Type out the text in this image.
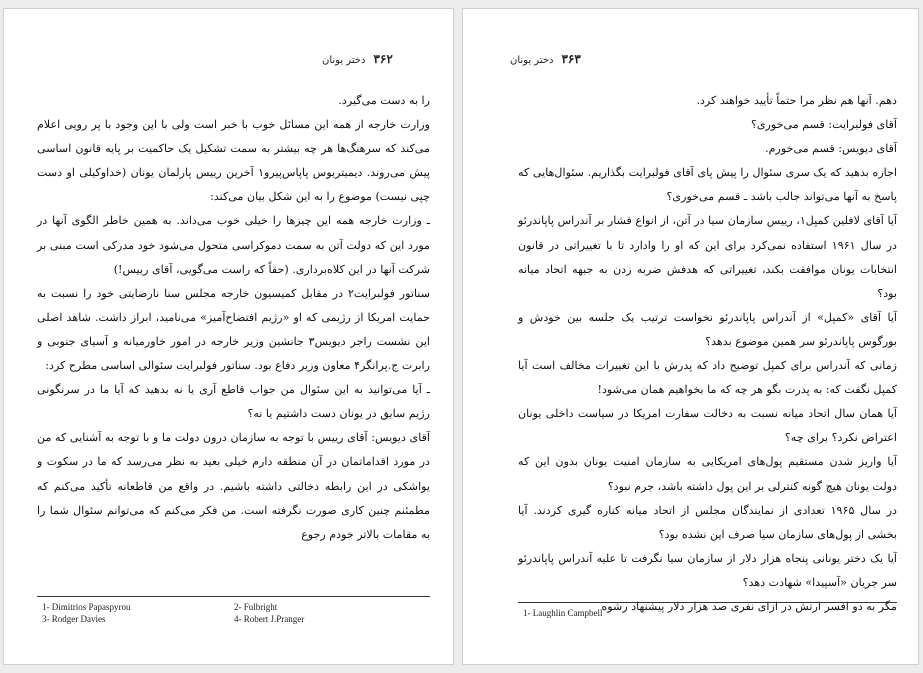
۳۶۲
دختر یونان

را به دست می‌گیرد.

وزارت خارجه از همه این مسائل خوب با خبر است ولی با این وجود با پر رویی اعلام می‌کند که سرهنگ‌ها هر چه بیشتر به سمت تشکیل یک حاکمیت بر پایه قانون اساسی پیش می‌روند. دیمیتریوس پاپاس‌پیرو۱ آخرین رییس پارلمان یونان (خداوکیلی او دست چپی نیست) موضوع را به این شکل بیان می‌کند:

ـ وزارت خارجه همه این چیزها را خیلی خوب می‌داند. به همین خاطر الگوی آنها در مورد این که دولت آتن به سمت دموکراسی متحول می‌شود خود مدرکی است مبنی بر شرکت آنها در این کلاه‌برداری. (حقاً که راست می‌گویی، آقای رییس!)

سناتور فولبرایت۲ در مقابل کمیسیون خارجه مجلس سنا نارضایتی خود را نسبت به حمایت امریکا از رژیمی که او «رژیم افتضاح‌آمیز» می‌نامید، ابراز داشت. شاهد اصلی این نشست راجر دیویس۳ جانشین وزیر خارجه در امور خاورمیانه و آسیای جنوبی و رابرت ج.پرانگر۴ معاون وزیر دفاع بود. سناتور فولبرایت سئوالی اساسی مطرح کرد:

ـ آیا می‌توانید به این سئوال من جواب قاطع آری یا نه بدهید که آیا ما در سرنگونی رژیم سابق در یونان دست داشتیم یا نه؟

آقای دیویس: آقای رییس با توجه به سازمان درون دولت ما و با توجه به آشنایی که من در مورد اقداماتمان در آن منطقه دارم خیلی بعید به نظر می‌رسد که ما در سکوت و یواشکی در این رابطه دخالتی داشته باشیم. در واقع من قاطعانه تأکید می‌کنم که مطمئنم چنین کاری صورت نگرفته است. من فکر می‌کنم که می‌توانم سئوال شما را به مقامات بالاتر خودم رجوع

1- Dimitrios Papaspyrou	2- Fulbright
3- Rodger Davies	4- Robert J.Pranger
۳۶۳
دختر یونان

دهم. آنها هم نظر مرا حتماً تأیید خواهند کرد.

آقای فولبرایت: قسم می‌خوری؟

آقای دیویس: قسم می‌خورم.

اجازه بدهید که یک سری سئوال را پیش پای آقای فولبرایت بگذاریم. سئوال‌هایی که پاسخ به آنها می‌تواند جالب باشد ـ قسم می‌خوری؟

آیا آقای لافلین کمپل۱، رییس سازمان سیا در آتن، از انواع فشار بر آندراس پاپاندرئو در سال ۱۹۶۱ استفاده نمی‌کرد برای این که او را وادارد تا با تغییراتی در قانون انتخابات یونان موافقت بکند، تغییراتی که هدفش ضربه زدن به جبهه اتحاد میانه بود؟

آیا آقای «کمپل» از آندراس پاپاندرئو نخواست ترتیب یک جلسه بین خودش و بورگوس پاپاندرئو سر همین موضوع بدهد؟

زمانی که آندراس برای کمپل توضیح داد که پدرش با این تغییرات مخالف است آیا کمپل نگفت که: به پدرت بگو هر چه که ما بخواهیم همان می‌شود!

آیا همان سال اتحاد میانه نسبت به دخالت سفارت امریکا در سیاست داخلی یونان اعتراض نکرد؟ برای چه؟

آیا واریز شدن مستقیم پول‌های امریکایی به سازمان امنیت یونان بدون این که دولت یونان هیچ گونه کنترلی بر این پول داشته باشد، جرم نبود؟

در سال ۱۹۶۵ تعدادی از نمایندگان مجلس از اتحاد میانه کناره گیری کردند. آیا بخشی از پول‌های سازمان سیا صرف این نشده بود؟

آیا یک دختر یونانی پنجاه هزار دلار از سازمان سیا نگرفت تا علیه آندراس پاپاندرئو سر جریان «آسپیدا» شهادت دهد؟

مگر به دو افسر ارتش در ازای نفری صد هزار دلار پیشنهاد رشوه

1- Laughlin Campbell
